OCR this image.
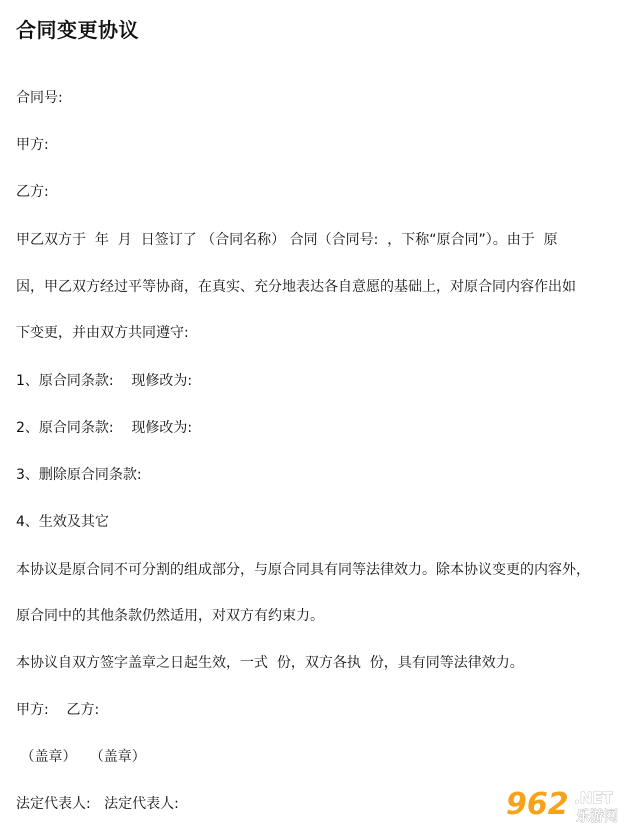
合同变更协议
合同号:
甲方:
乙方:
甲乙双方于  年  月  日签订了 （合同名称） 合同（合同号:  ，下称“原合同”）。由于  原
因，甲乙双方经过平等协商，在真实、充分地表达各自意愿的基础上，对原合同内容作出如
下变更，并由双方共同遵守:
1、原合同条款:    现修改为:
2、原合同条款:    现修改为:
3、删除原合同条款:
4、生效及其它
本协议是原合同不可分割的组成部分，与原合同具有同等法律效力。除本协议变更的内容外，
原合同中的其他条款仍然适用，对双方有约束力。
本协议自双方签字盖章之日起生效，一式  份，双方各执  份，具有同等法律效力。
甲方:    乙方:
（盖章）   （盖章）
法定代表人:   法定代表人:	962 .NET
乐游网
